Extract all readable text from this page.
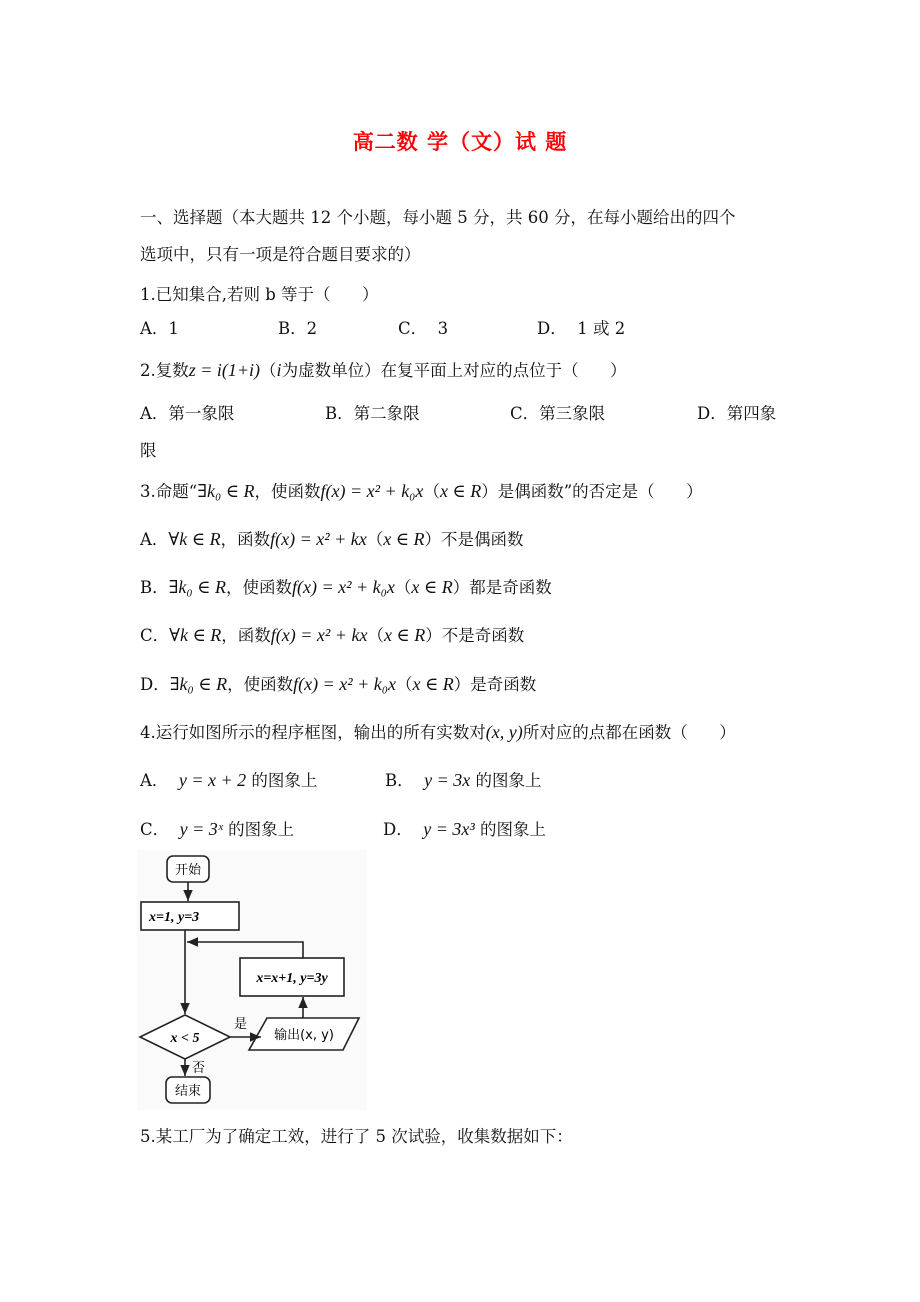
高二数 学（文）试 题
一、选择题（本大题共 12 个小题，每小题 5 分，共 60 分，在每小题给出的四个
选项中，只有一项是符合题目要求的）
1.已知集合,若则 b 等于（      ）
A．1	B．2	C．  3	D．  1 或 2
2.复数z = i(1+i)（i为虚数单位）在复平面上对应的点位于（      ）
A．第一象限	B．第二象限	C．第三象限	D．第四象
限
3.命题“∃k₀ ∈ R，使函数f(x) = x² + k₀x（x ∈ R）是偶函数”的否定是（      ）
A．∀k ∈ R，函数f(x) = x² + kx（x ∈ R）不是偶函数
B．∃k₀ ∈ R，使函数f(x) = x² + k₀x（x ∈ R）都是奇函数
C．∀k ∈ R，函数f(x) = x² + kx（x ∈ R）不是奇函数
D．∃k₀ ∈ R，使函数f(x) = x² + k₀x（x ∈ R）是奇函数
4.运行如图所示的程序框图，输出的所有实数对(x, y)所对应的点都在函数（      ）
A．  y = x + 2 的图象上	B．  y = 3x 的图象上
C．  y = 3ˣ 的图象上	D．  y = 3x³ 的图象上
5.某工厂为了确定工效，进行了 5 次试验，收集数据如下：
开始
x=1, y=3
x=x+1, y=3y
x < 5
是
否
输出(x, y)
结束
